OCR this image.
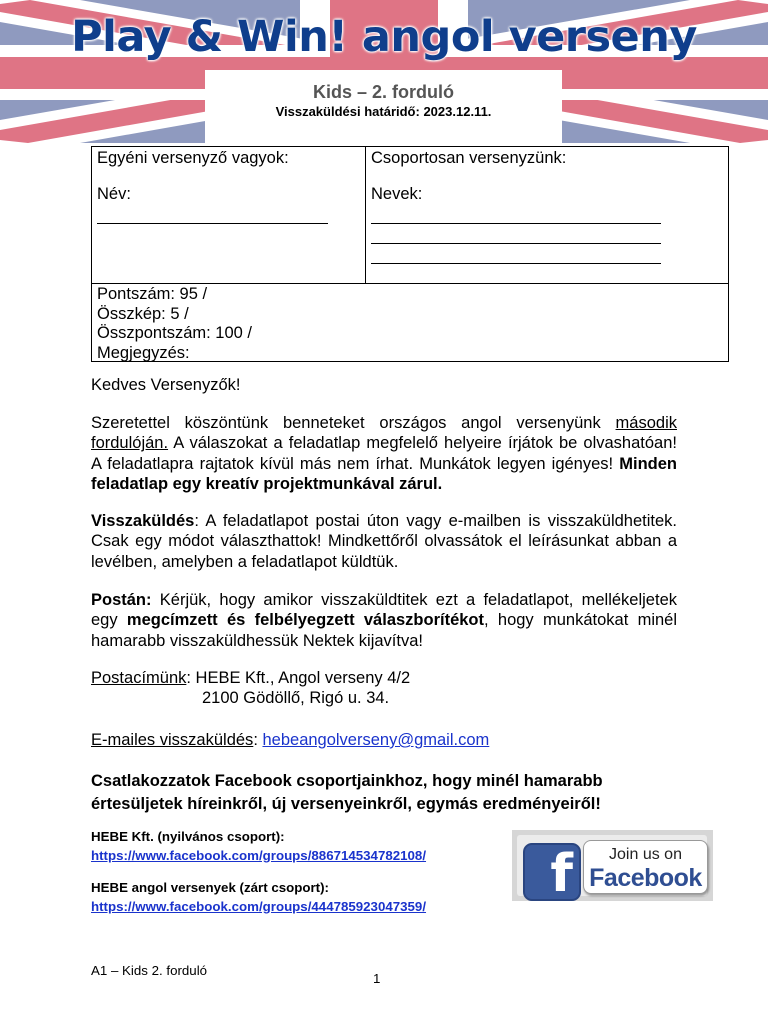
Play & Win! angol verseny
Kids – 2. forduló
Visszaküldési határidő: 2023.12.11.
Egyéni versenyző vagyok:
Név:
Csoportosan versenyzünk:
Nevek:
Pontszám: 95 /
Összkép: 5 /
Összpontszám: 100 /
Megjegyzés:
Kedves Versenyzők!
Szeretettel köszöntünk benneteket országos angol versenyünk második fordulóján. A válaszokat a feladatlap megfelelő helyeire írjátok be olvashatóan! A feladatlapra rajtatok kívül más nem írhat. Munkátok legyen igényes! Minden feladatlap egy kreatív projektmunkával zárul.
Visszaküldés: A feladatlapot postai úton vagy e-mailben is visszaküldhetitek. Csak egy módot választhattok! Mindkettőről olvassátok el leírásunkat abban a levélben, amelyben a feladatlapot küldtük.
Postán: Kérjük, hogy amikor visszaküldtitek ezt a feladatlapot, mellékeljetek egy megcímzett és felbélyegzett válaszborítékot, hogy munkátokat minél hamarabb visszaküldhessük Nektek kijavítva!
Postacímünk: HEBE Kft., Angol verseny 4/2
2100 Gödöllő, Rigó u. 34.
E-mailes visszaküldés: hebeangolverseny@gmail.com
Csatlakozzatok Facebook csoportjainkhoz, hogy minél hamarabb értesüljetek híreinkről, új versenyeinkről, egymás eredményeiről!
HEBE Kft. (nyilvános csoport):
https://www.facebook.com/groups/886714534782108/
HEBE angol versenyek (zárt csoport):
https://www.facebook.com/groups/444785923047359/
f	Join us on
Facebook
A1 – Kids 2. forduló
1
